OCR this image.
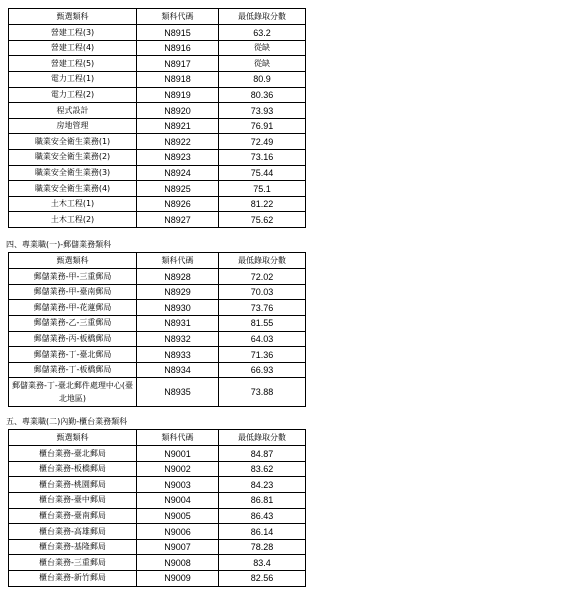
甄選類科	類科代碼	最低錄取分數
營建工程(3)	N8915	63.2
營建工程(4)	N8916	從缺
營建工程(5)	N8917	從缺
電力工程(1)	N8918	80.9
電力工程(2)	N8919	80.36
程式設計	N8920	73.93
房地管理	N8921	76.91
職業安全衛生業務(1)	N8922	72.49
職業安全衛生業務(2)	N8923	73.16
職業安全衛生業務(3)	N8924	75.44
職業安全衛生業務(4)	N8925	75.1
土木工程(1)	N8926	81.22
土木工程(2)	N8927	75.62
四、專業職(一)-郵儲業務類科
甄選類科	類科代碼	最低錄取分數
郵儲業務-甲-三重郵局	N8928	72.02
郵儲業務-甲-臺南郵局	N8929	70.03
郵儲業務-甲-花蓮郵局	N8930	73.76
郵儲業務-乙-三重郵局	N8931	81.55
郵儲業務-丙-板橋郵局	N8932	64.03
郵儲業務-丁-臺北郵局	N8933	71.36
郵儲業務-丁-板橋郵局	N8934	66.93
郵儲業務-丁-臺北郵件處理中心(臺北地區)	N8935	73.88
五、專業職(二)內勤-櫃台業務類科
甄選類科	類科代碼	最低錄取分數
櫃台業務-臺北郵局	N9001	84.87
櫃台業務-板橋郵局	N9002	83.62
櫃台業務-桃園郵局	N9003	84.23
櫃台業務-臺中郵局	N9004	86.81
櫃台業務-臺南郵局	N9005	86.43
櫃台業務-高雄郵局	N9006	86.14
櫃台業務-基隆郵局	N9007	78.28
櫃台業務-三重郵局	N9008	83.4
櫃台業務-新竹郵局	N9009	82.56
